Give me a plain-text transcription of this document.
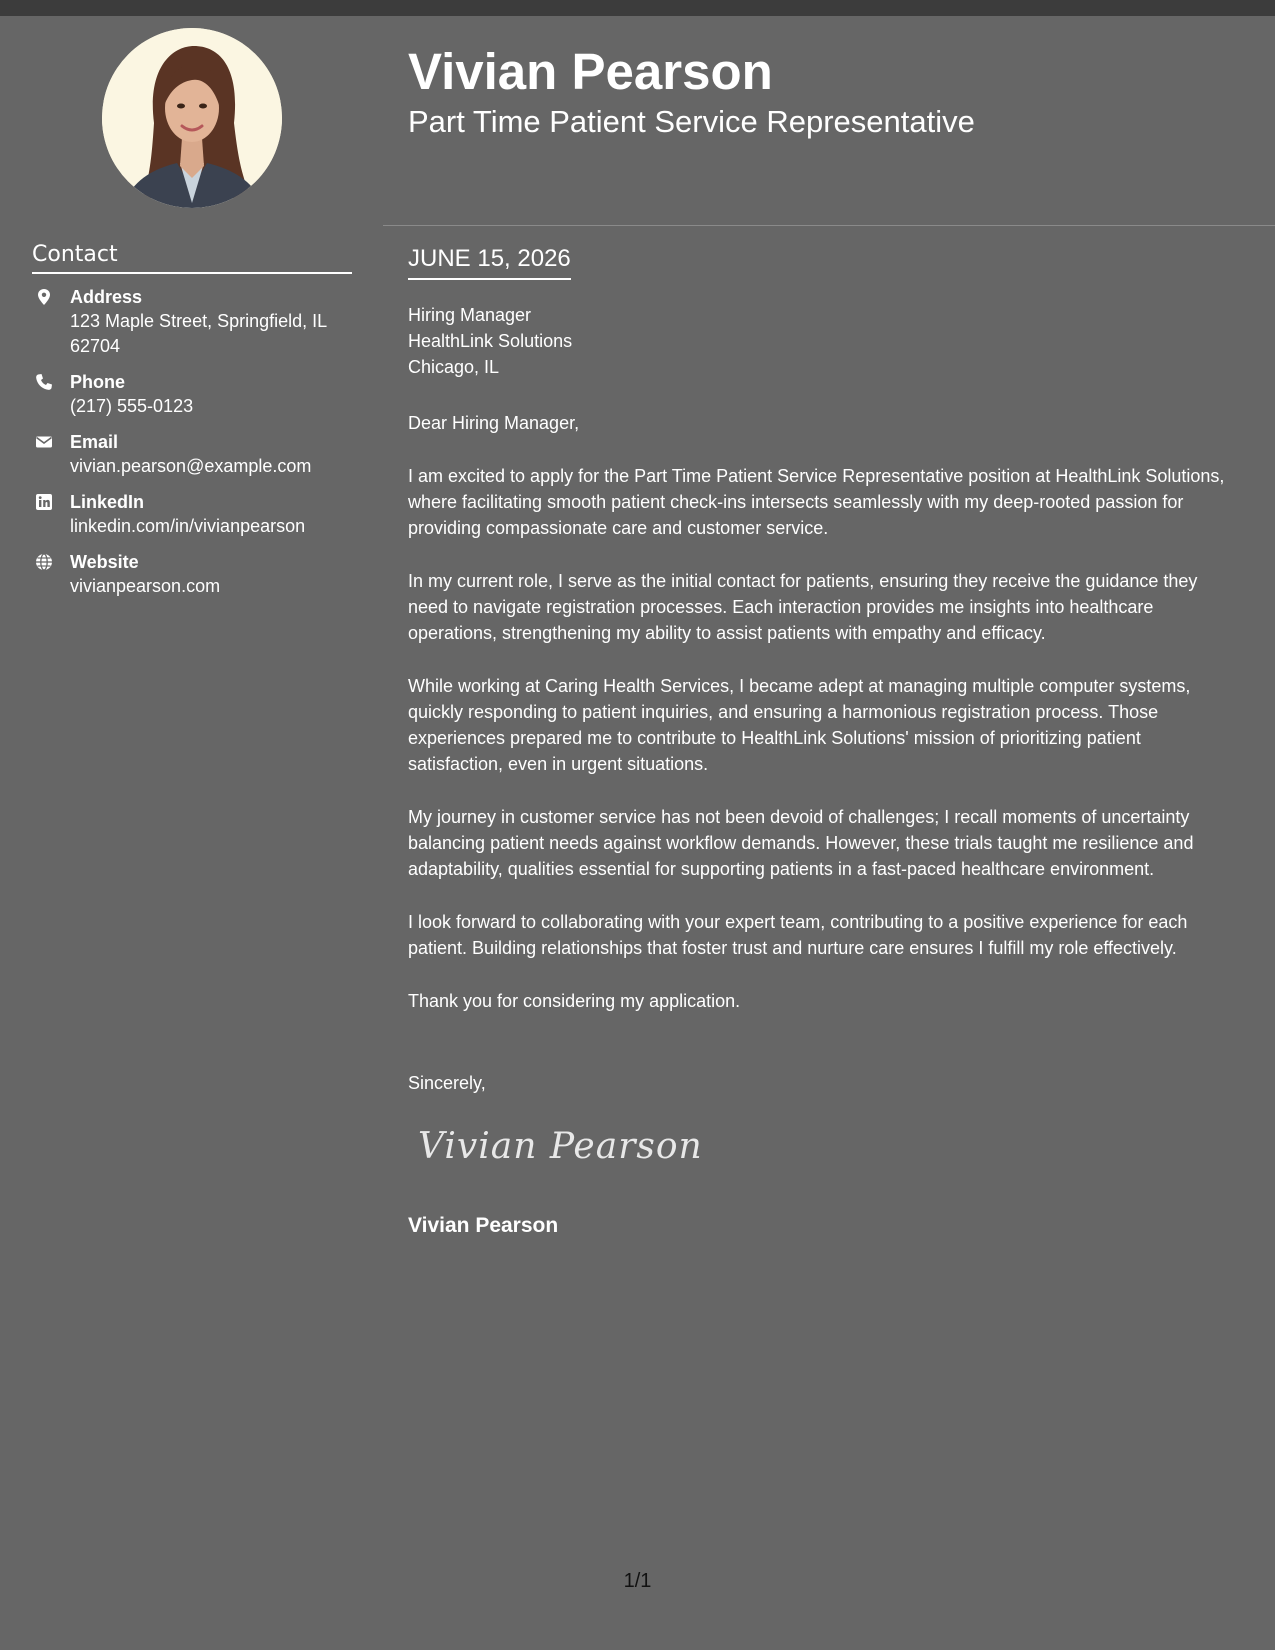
Contact
Address
123 Maple Street, Springfield, IL 62704
Phone
(217) 555-0123
Email
vivian.pearson@example.com
LinkedIn
linkedin.com/in/vivianpearson
Website
vivianpearson.com
Vivian Pearson
Part Time Patient Service Representative
JUNE 15, 2026
Hiring Manager
HealthLink Solutions
Chicago, IL

Dear Hiring Manager,

I am excited to apply for the Part Time Patient Service Representative position at HealthLink Solutions, where facilitating smooth patient check-ins intersects seamlessly with my deep-rooted passion for providing compassionate care and customer service.

In my current role, I serve as the initial contact for patients, ensuring they receive the guidance they need to navigate registration processes. Each interaction provides me insights into healthcare operations, strengthening my ability to assist patients with empathy and efficacy.

While working at Caring Health Services, I became adept at managing multiple computer systems, quickly responding to patient inquiries, and ensuring a harmonious registration process. Those experiences prepared me to contribute to HealthLink Solutions' mission of prioritizing patient satisfaction, even in urgent situations.

My journey in customer service has not been devoid of challenges; I recall moments of uncertainty balancing patient needs against workflow demands. However, these trials taught me resilience and adaptability, qualities essential for supporting patients in a fast-paced healthcare environment.

I look forward to collaborating with your expert team, contributing to a positive experience for each patient. Building relationships that foster trust and nurture care ensures I fulfill my role effectively.

Thank you for considering my application.

Sincerely,
Vivian Pearson
Vivian Pearson
1/1
